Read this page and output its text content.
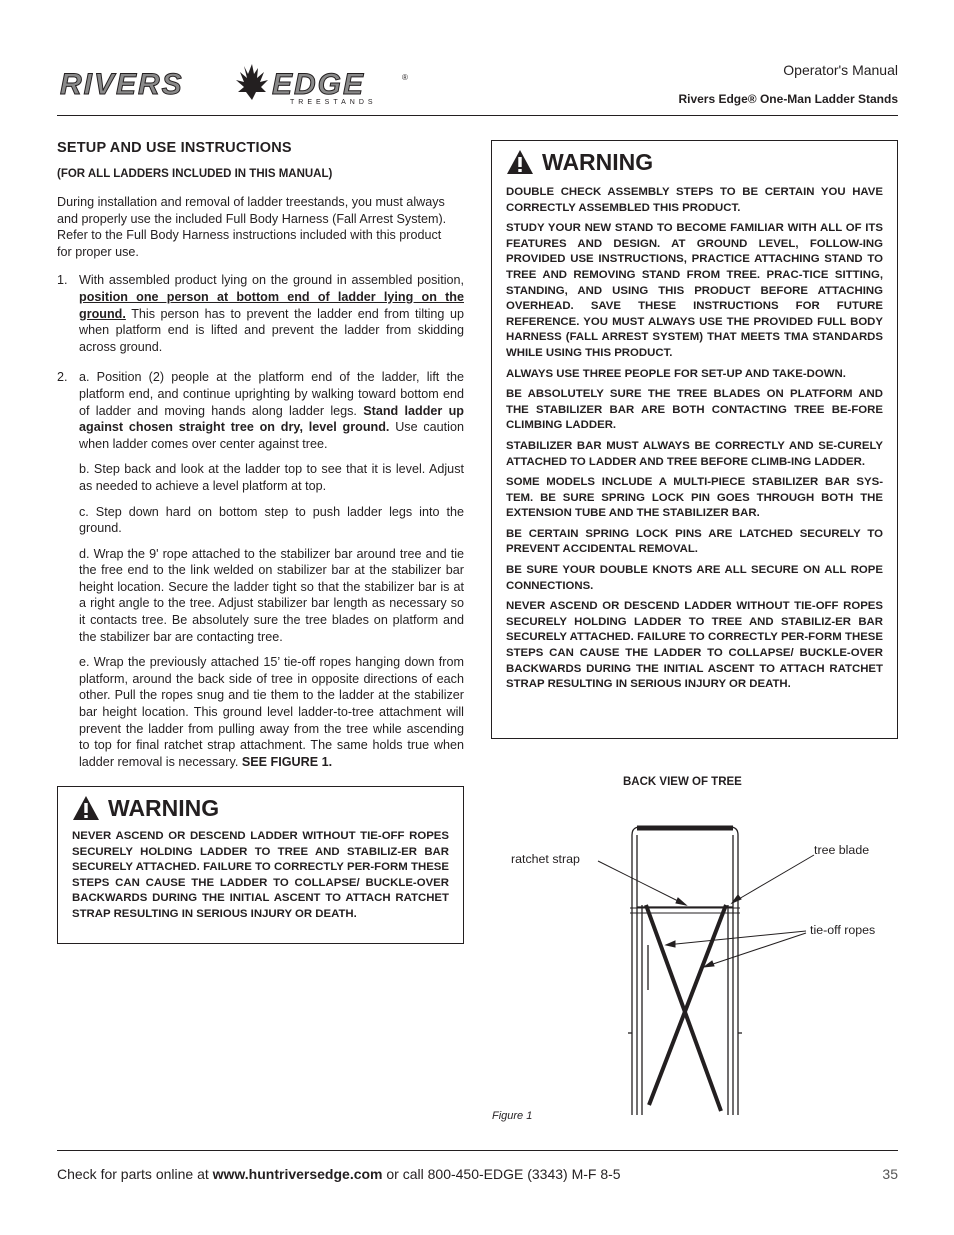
RIVERS	EDGE	®
TREESTANDS
Operator's Manual
Rivers Edge® One-Man Ladder Stands
SETUP AND USE INSTRUCTIONS
(FOR ALL LADDERS INCLUDED IN THIS MANUAL)

During installation and removal of ladder treestands, you must always and properly use the included Full Body Harness (Fall Arrest System). Refer to the Full Body Harness instructions included with this product for proper use.

1. With assembled product lying on the ground in assembled position, position one person at bottom end of ladder lying on the ground. This person has to prevent the ladder end from tilting up when platform end is lifted and prevent the ladder from skidding across ground.
2. a. Position (2) people at the platform end of the ladder, lift the platform end, and continue uprighting by walking toward bottom end of ladder and moving hands along ladder legs. Stand ladder up against chosen straight tree on dry, level ground. Use caution when ladder comes over center against tree.

b. Step back and look at the ladder top to see that it is level. Adjust as needed to achieve a level platform at top.

c. Step down hard on bottom step to push ladder legs into the ground.

d. Wrap the 9' rope attached to the stabilizer bar around tree and tie the free end to the link welded on stabilizer bar at the stabilizer bar height location. Secure the ladder tight so that the stabilizer bar is at a right angle to the tree. Adjust stabilizer bar length as necessary so it contacts tree. Be absolutely sure the tree blades on platform and the stabilizer bar are contacting tree.

e. Wrap the previously attached 15’ tie-off ropes hanging down from platform, around the back side of tree in opposite directions of each other. Pull the ropes snug and tie them to the ladder at the stabilizer bar height location. This ground level ladder-to-tree attachment will prevent the ladder from pulling away from the tree while ascending to top for final ratchet strap attachment. The same holds true when ladder removal is necessary. SEE FIGURE 1.

WARNING

NEVER ASCEND OR DESCEND LADDER WITHOUT TIE-OFF ROPES SECURELY HOLDING LADDER TO TREE AND STABILIZ-ER BAR SECURELY ATTACHED. FAILURE TO CORRECTLY PER-FORM THESE STEPS CAN CAUSE THE LADDER TO COLLAPSE/ BUCKLE-OVER BACKWARDS DURING THE INITIAL ASCENT TO ATTACH RATCHET STRAP RESULTING IN SERIOUS INJURY OR DEATH.

WARNING

DOUBLE CHECK ASSEMBLY STEPS TO BE CERTAIN YOU HAVE CORRECTLY ASSEMBLED THIS PRODUCT.

STUDY YOUR NEW STAND TO BECOME FAMILIAR WITH ALL OF ITS FEATURES AND DESIGN. AT GROUND LEVEL, FOLLOW-ING PROVIDED USE INSTRUCTIONS, PRACTICE ATTACHING STAND TO TREE AND REMOVING STAND FROM TREE. PRAC-TICE SITTING, STANDING, AND USING THIS PRODUCT BEFORE ATTACHING OVERHEAD. SAVE THESE INSTRUCTIONS FOR FUTURE REFERENCE. YOU MUST ALWAYS USE THE PROVIDED FULL BODY HARNESS (FALL ARREST SYSTEM) THAT MEETS TMA STANDARDS WHILE USING THIS PRODUCT.

ALWAYS USE THREE PEOPLE FOR SET-UP AND TAKE-DOWN.

BE ABSOLUTELY SURE THE TREE BLADES ON PLATFORM AND THE STABILIZER BAR ARE BOTH CONTACTING TREE BE-FORE CLIMBING LADDER.

STABILIZER BAR MUST ALWAYS BE CORRECTLY AND SE-CURELY ATTACHED TO LADDER AND TREE BEFORE CLIMB-ING LADDER.

SOME MODELS INCLUDE A MULTI-PIECE STABILIZER BAR SYS-TEM. BE SURE SPRING LOCK PIN GOES THROUGH BOTH THE EXTENSION TUBE AND THE STABILIZER BAR.

BE CERTAIN SPRING LOCK PINS ARE LATCHED SECURELY TO PREVENT ACCIDENTAL REMOVAL.

BE SURE YOUR DOUBLE KNOTS ARE ALL SECURE ON ALL ROPE CONNECTIONS.

NEVER ASCEND OR DESCEND LADDER WITHOUT TIE-OFF ROPES SECURELY HOLDING LADDER TO TREE AND STABILIZ-ER BAR SECURELY ATTACHED. FAILURE TO CORRECTLY PER-FORM THESE STEPS CAN CAUSE THE LADDER TO COLLAPSE/ BUCKLE-OVER BACKWARDS DURING THE INITIAL ASCENT TO ATTACH RATCHET STRAP RESULTING IN SERIOUS INJURY OR DEATH.

BACK VIEW OF TREE
ratchet strap
tree blade
tie-off ropes
Figure 1
Check for parts online at www.huntriversedge.com or call 800-450-EDGE (3343) M-F 8-5	35
